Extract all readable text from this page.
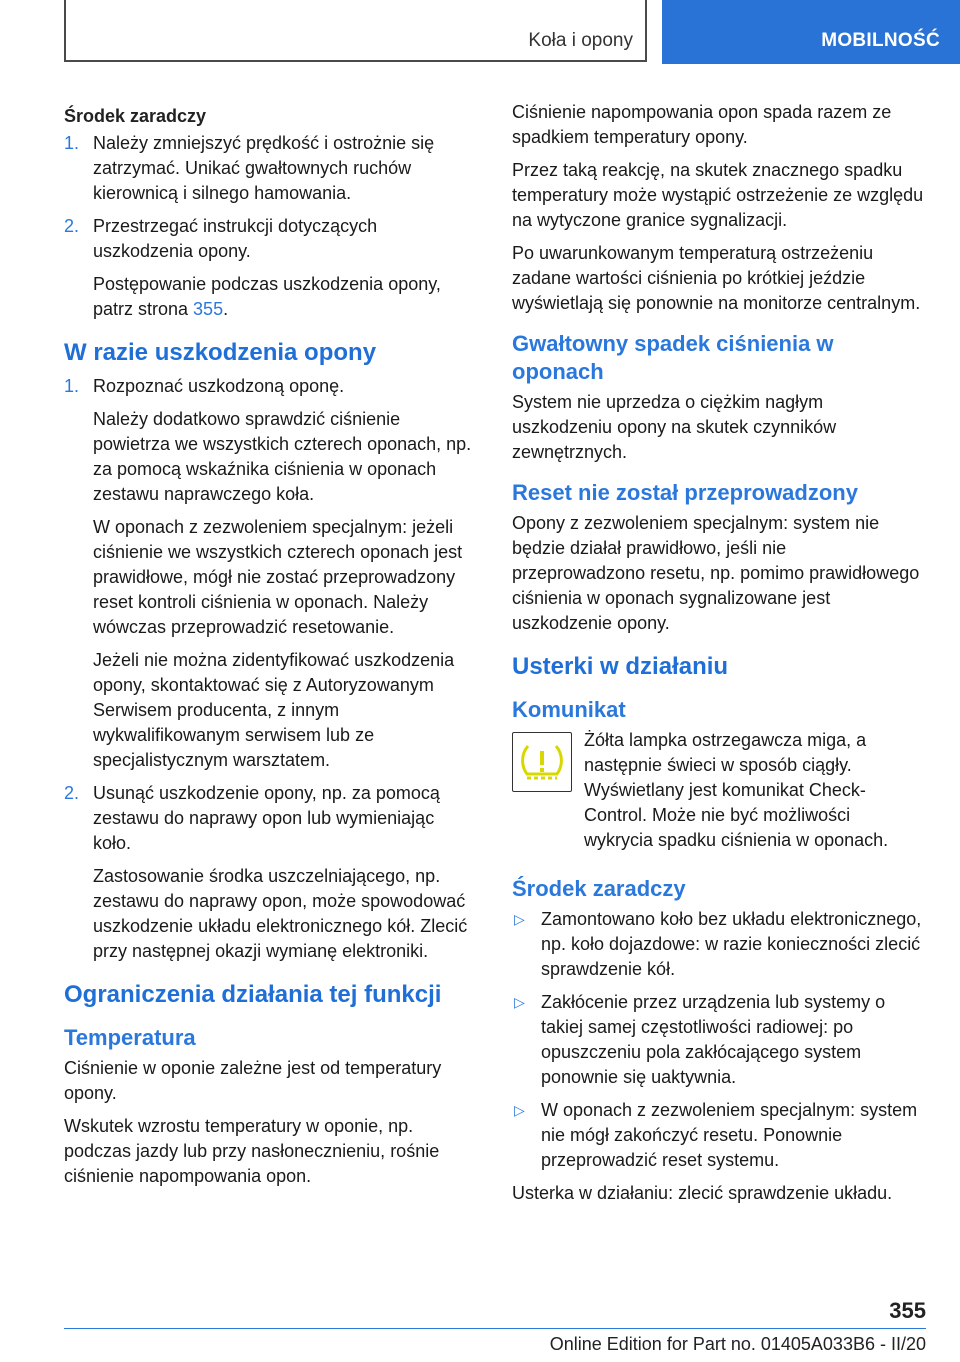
Koła i opony	MOBILNOŚĆ
Środek zaradczy
1. Należy zmniejszyć prędkość i ostrożnie się zatrzymać. Unikać gwałtownych ruchów kierownicą i silnego hamowania.

2. Przestrzegać instrukcji dotyczących uszkodzenia opony.

Postępowanie podczas uszkodzenia opony, patrz strona 355.

W razie uszkodzenia opony
1. Rozpoznać uszkodzoną oponę.

Należy dodatkowo sprawdzić ciśnienie powietrza we wszystkich czterech oponach, np. za pomocą wskaźnika ciśnienia w oponach zestawu naprawczego koła.

W oponach z zezwoleniem specjalnym: jeżeli ciśnienie we wszystkich czterech oponach jest prawidłowe, mógł nie zostać przeprowadzony reset kontroli ciśnienia w oponach. Należy wówczas przeprowadzić resetowanie.

Jeżeli nie można zidentyfikować uszkodzenia opony, skontaktować się z Autoryzowanym Serwisem producenta, z innym wykwalifikowanym serwisem lub ze specjalistycznym warsztatem.

2. Usunąć uszkodzenie opony, np. za pomocą zestawu do naprawy opon lub wymieniając koło.

Zastosowanie środka uszczelniającego, np. zestawu do naprawy opon, może spowodować uszkodzenie układu elektronicznego kół. Zlecić przy następnej okazji wymianę elektroniki.

Ograniczenia działania tej funkcji
Temperatura

Ciśnienie w oponie zależne jest od temperatury opony.

Wskutek wzrostu temperatury w oponie, np. podczas jazdy lub przy nasłonecznieniu, rośnie ciśnienie napompowania opon.

Ciśnienie napompowania opon spada razem ze spadkiem temperatury opony.

Przez taką reakcję, na skutek znacznego spadku temperatury może wystąpić ostrzeżenie ze względu na wytyczone granice sygnalizacji.

Po uwarunkowanym temperaturą ostrzeżeniu zadane wartości ciśnienia po krótkiej jeździe wyświetlają się ponownie na monitorze centralnym.

Gwałtowny spadek ciśnienia w oponach

System nie uprzedza o ciężkim nagłym uszkodzeniu opony na skutek czynników zewnętrznych.

Reset nie został przeprowadzony

Opony z zezwoleniem specjalnym: system nie będzie działał prawidłowo, jeśli nie przeprowadzono resetu, np. pomimo prawidłowego ciśnienia w oponach sygnalizowane jest uszkodzenie opony.

Usterki w działaniu
Komunikat

Żółta lampka ostrzegawcza miga, a następnie świeci w sposób ciągły. Wyświetlany jest komunikat Check-Control. Może nie być możliwości wykrycia spadku ciśnienia w oponach.

Środek zaradczy
▷ Zamontowano koło bez układu elektronicznego, np. koło dojazdowe: w razie konieczności zlecić sprawdzenie kół.
▷ Zakłócenie przez urządzenia lub systemy o takiej samej częstotliwości radiowej: po opuszczeniu pola zakłócającego system ponownie się uaktywnia.
▷ W oponach z zezwoleniem specjalnym: system nie mógł zakończyć resetu. Ponownie przeprowadzić reset systemu.

Usterka w działaniu: zlecić sprawdzenie układu.

355
Online Edition for Part no. 01405A033B6 - II/20
